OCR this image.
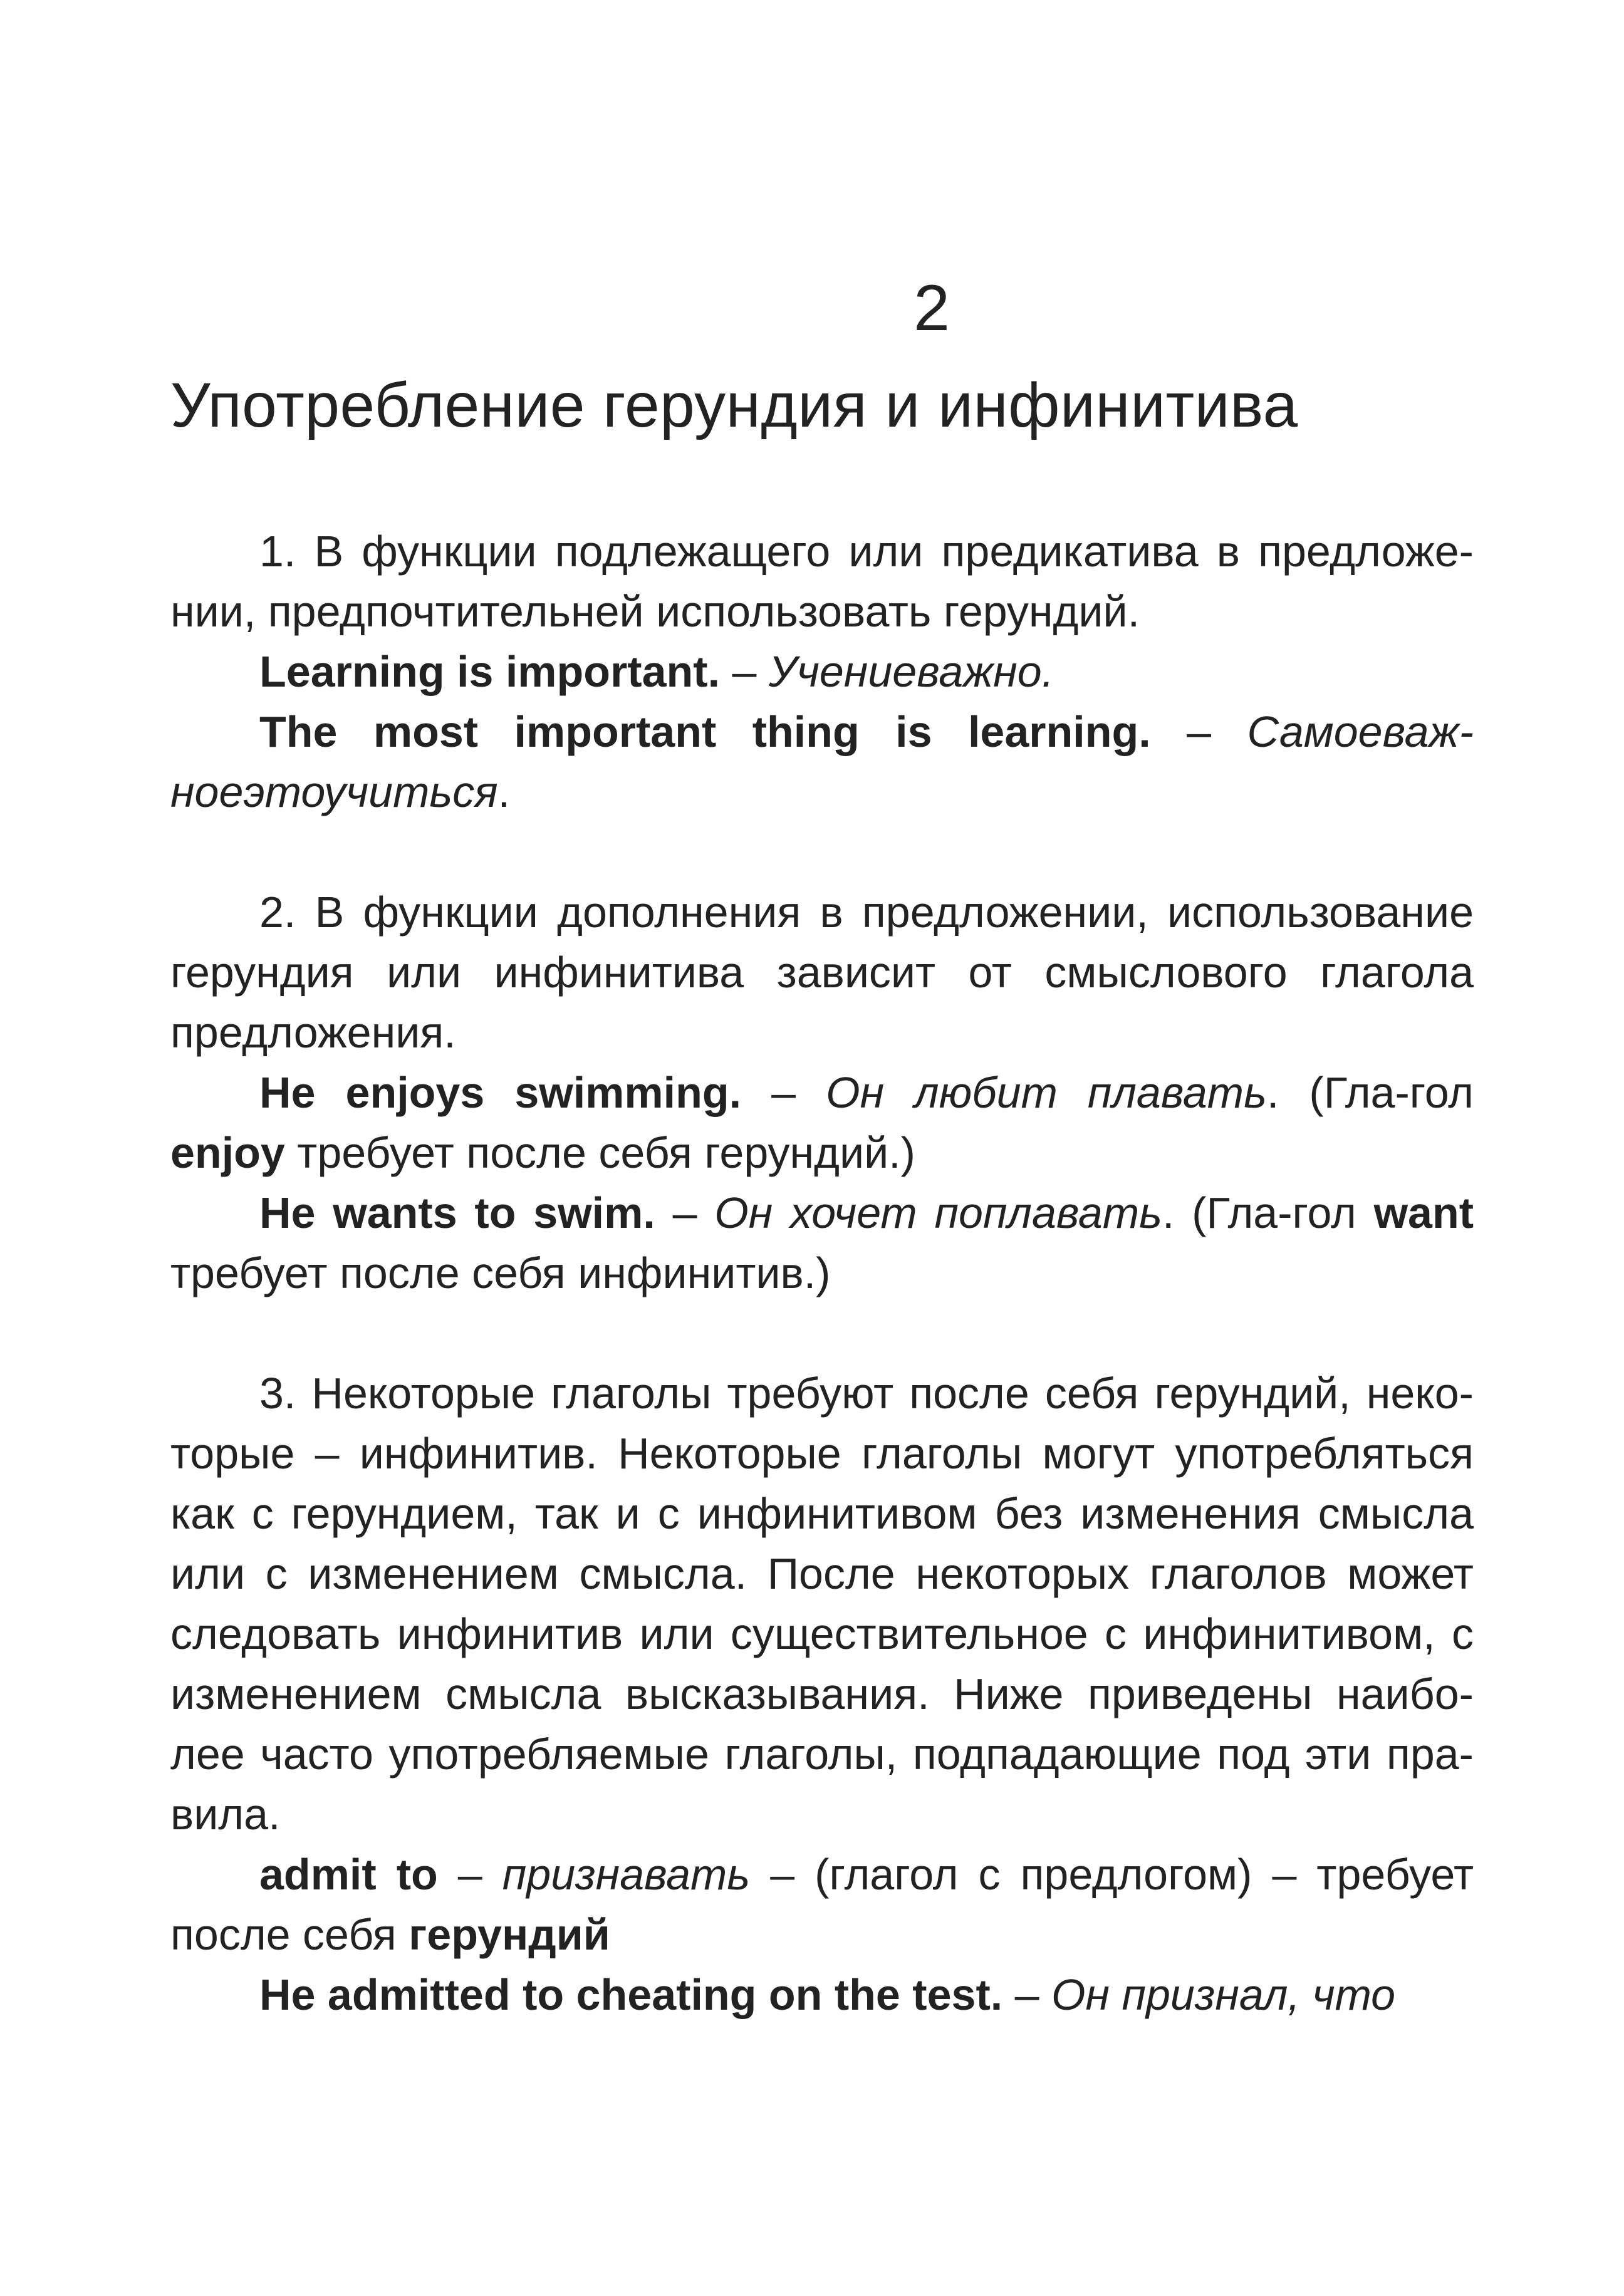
2
Употребление герундия и инфинитива

1. В функции подлежащего или предикатива в предложе-нии, предпочтительней использовать герундий.

Learning is important. – Учениеважно.

The most important thing is learning. – Самоеваж-ноеэтоучиться.

2. В функции дополнения в предложении, использование герундия или инфинитива зависит от смыслового глагола предложения.

He enjoys swimming. – Он любит плавать. (Гла-гол enjoy требует после себя герундий.)

He wants to swim. – Он хочет поплавать. (Гла-гол want требует после себя инфинитив.)

3. Некоторые глаголы требуют после себя герундий, неко-торые – инфинитив. Некоторые глаголы могут употребляться как с герундием, так и с инфинитивом без изменения смысла или с изменением смысла. После некоторых глаголов может следовать инфинитив или существительное с инфинитивом, с изменением смысла высказывания. Ниже приведены наибо-лее часто употребляемые глаголы, подпадающие под эти пра-вила.

admit to – признавать – (глагол с предлогом) – требует после себя герундий

He admitted to cheating on the test. – Он признал, что
